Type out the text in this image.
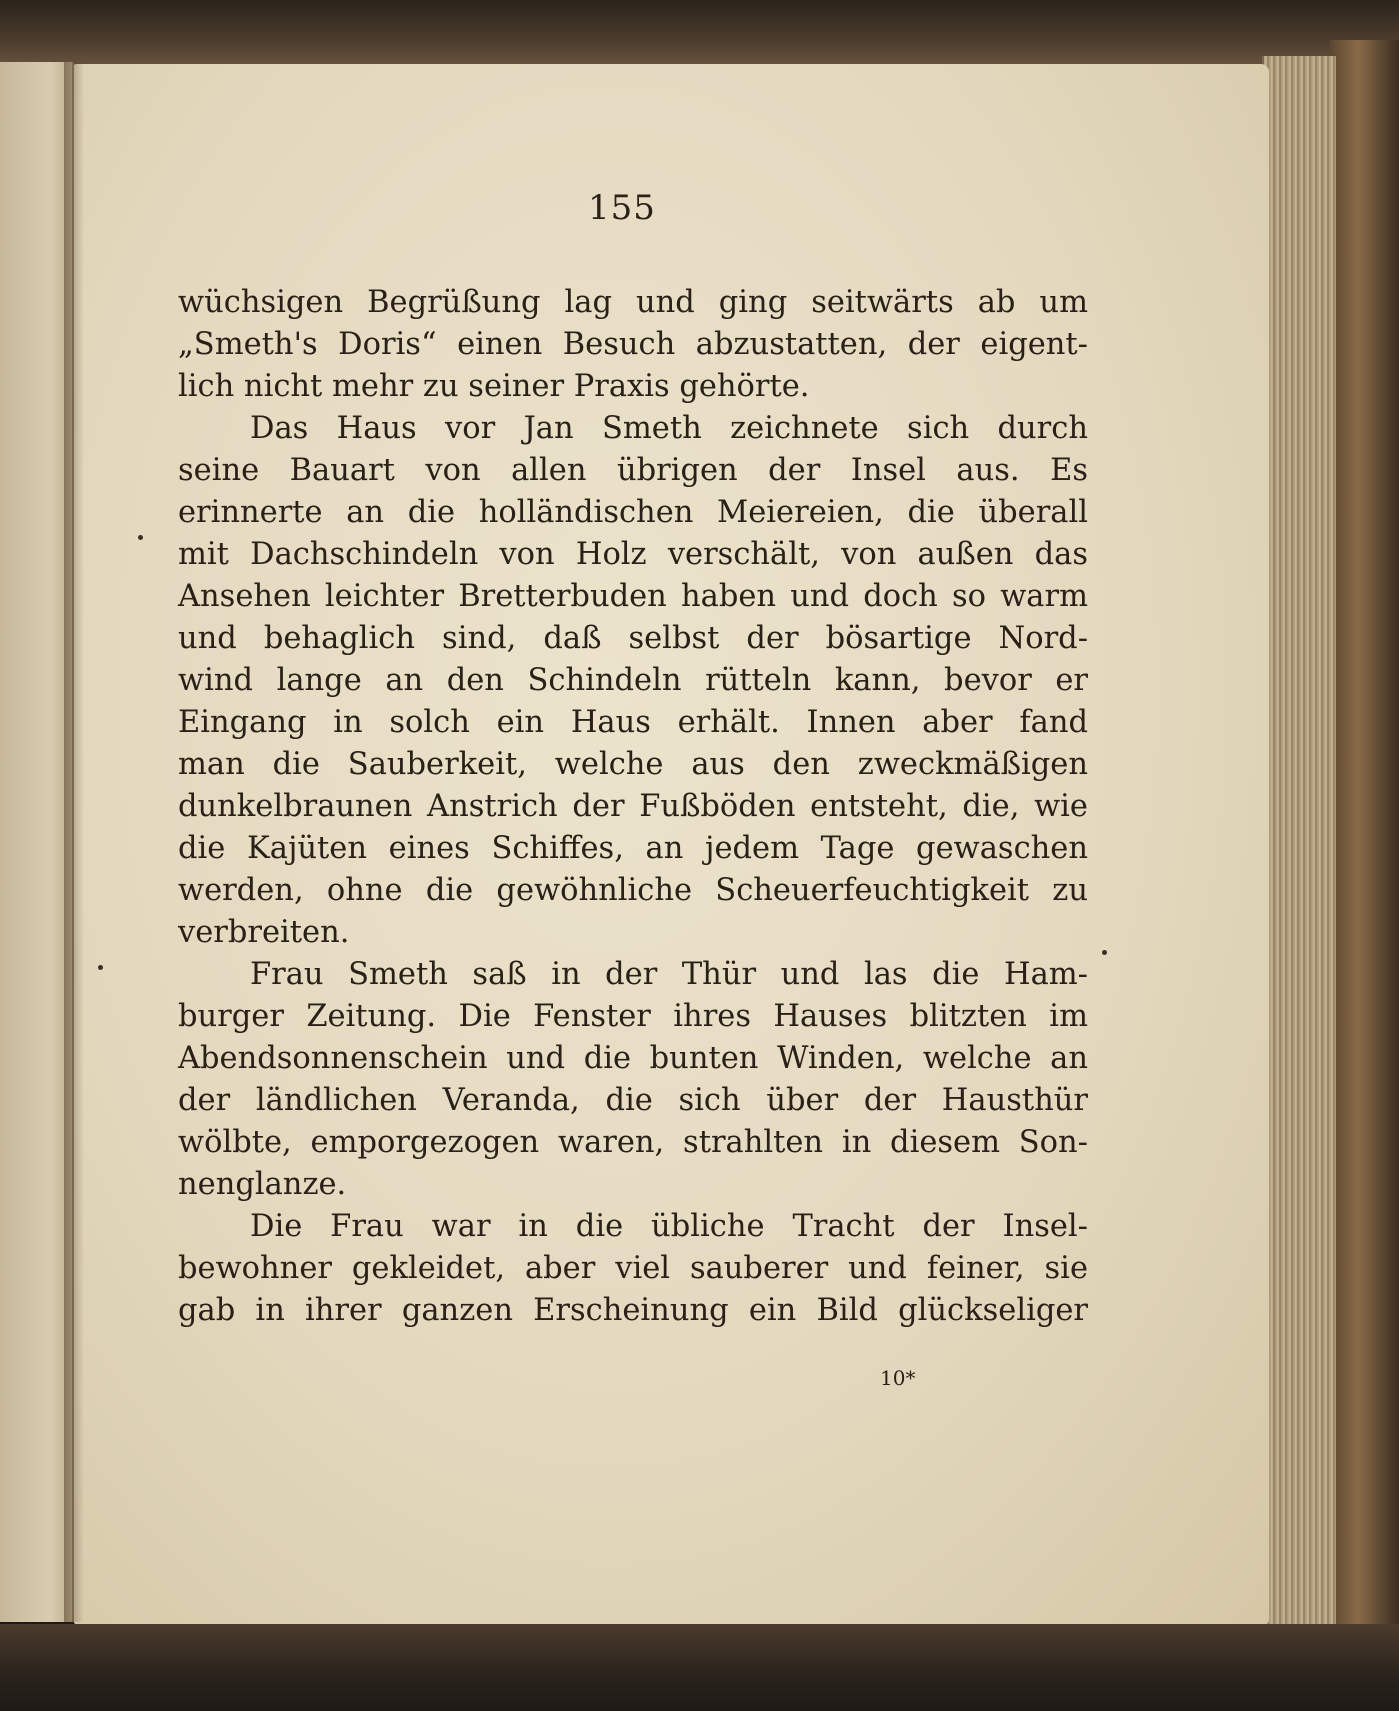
155
wüchsigen Begrüßung lag und ging seitwärts ab um
„Smeth's Doris“ einen Besuch abzustatten, der eigent-
lich nicht mehr zu seiner Praxis gehörte.
Das Haus vor Jan Smeth zeichnete sich durch
seine Bauart von allen übrigen der Insel aus. Es
erinnerte an die holländischen Meiereien, die überall
mit Dachschindeln von Holz verschält, von außen das
Ansehen leichter Bretterbuden haben und doch so warm
und behaglich sind, daß selbst der bösartige Nord-
wind lange an den Schindeln rütteln kann, bevor er
Eingang in solch ein Haus erhält. Innen aber fand
man die Sauberkeit, welche aus den zweckmäßigen
dunkelbraunen Anstrich der Fußböden entsteht, die, wie
die Kajüten eines Schiffes, an jedem Tage gewaschen
werden, ohne die gewöhnliche Scheuerfeuchtigkeit zu
verbreiten.
Frau Smeth saß in der Thür und las die Ham-
burger Zeitung. Die Fenster ihres Hauses blitzten im
Abendsonnenschein und die bunten Winden, welche an
der ländlichen Veranda, die sich über der Hausthür
wölbte, emporgezogen waren, strahlten in diesem Son-
nenglanze.
Die Frau war in die übliche Tracht der Insel-
bewohner gekleidet, aber viel sauberer und feiner, sie
gab in ihrer ganzen Erscheinung ein Bild glückseliger
10*
